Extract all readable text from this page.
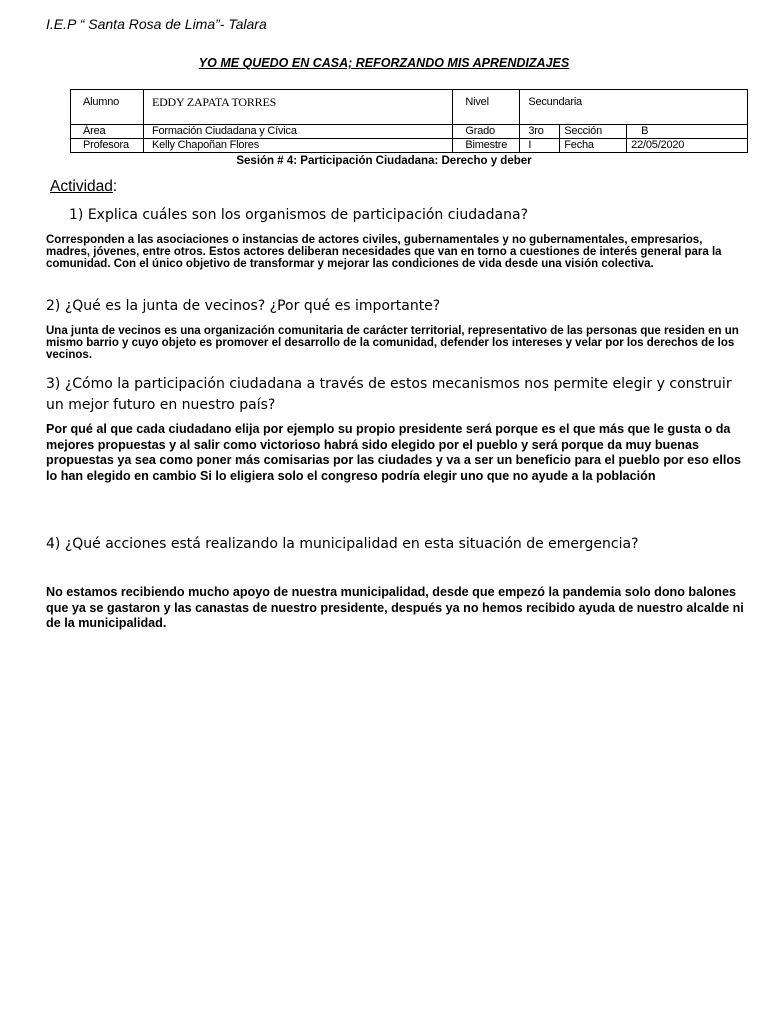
I.E.P “ Santa Rosa de Lima”- Talara
YO ME QUEDO EN CASA; REFORZANDO MIS APRENDIZAJES
Alumno	EDDY ZAPATA TORRES	Nivel	Secundaria		
Área	Formación Ciudadana y Cívica	Grado	3ro	Sección	B
Profesora	Kelly Chapoñan Flores	Bimestre	I	Fecha	22/05/2020
Sesión # 4: Participación Ciudadana: Derecho y deber
Actividad:
1) Explica cuáles son los organismos de participación ciudadana?
Corresponden a las asociaciones o instancias de actores civiles, gubernamentales y no gubernamentales, empresarios, madres, jóvenes, entre otros. Estos actores deliberan necesidades que van en torno a cuestiones de interés general para la comunidad. Con el único objetivo de transformar y mejorar las condiciones de vida desde una visión colectiva.
2) ¿Qué es la junta de vecinos? ¿Por qué es importante?
Una junta de vecinos es una organización comunitaria de carácter territorial, representativo de las personas que residen en un mismo barrio y cuyo objeto es promover el desarrollo de la comunidad, defender los intereses y velar por los derechos de los vecinos.
3) ¿Cómo la participación ciudadana a través de estos mecanismos nos permite elegir y construir un mejor futuro en nuestro país?
Por qué al que cada ciudadano elija por ejemplo su propio presidente será porque es el que más que le gusta o da mejores propuestas y al salir como victorioso habrá sido elegido por el pueblo y será porque da muy buenas propuestas ya sea como poner más comisarias por las ciudades y va a ser un beneficio para el pueblo por eso ellos lo han elegido en cambio Si lo eligiera solo el congreso podría elegir uno que no ayude a la población
4) ¿Qué acciones está realizando la municipalidad en esta situación de emergencia?
No estamos recibiendo mucho apoyo de nuestra municipalidad, desde que empezó la pandemia solo dono balones que ya se gastaron y las canastas de nuestro presidente, después ya no hemos recibido ayuda de nuestro alcalde ni de la municipalidad.
